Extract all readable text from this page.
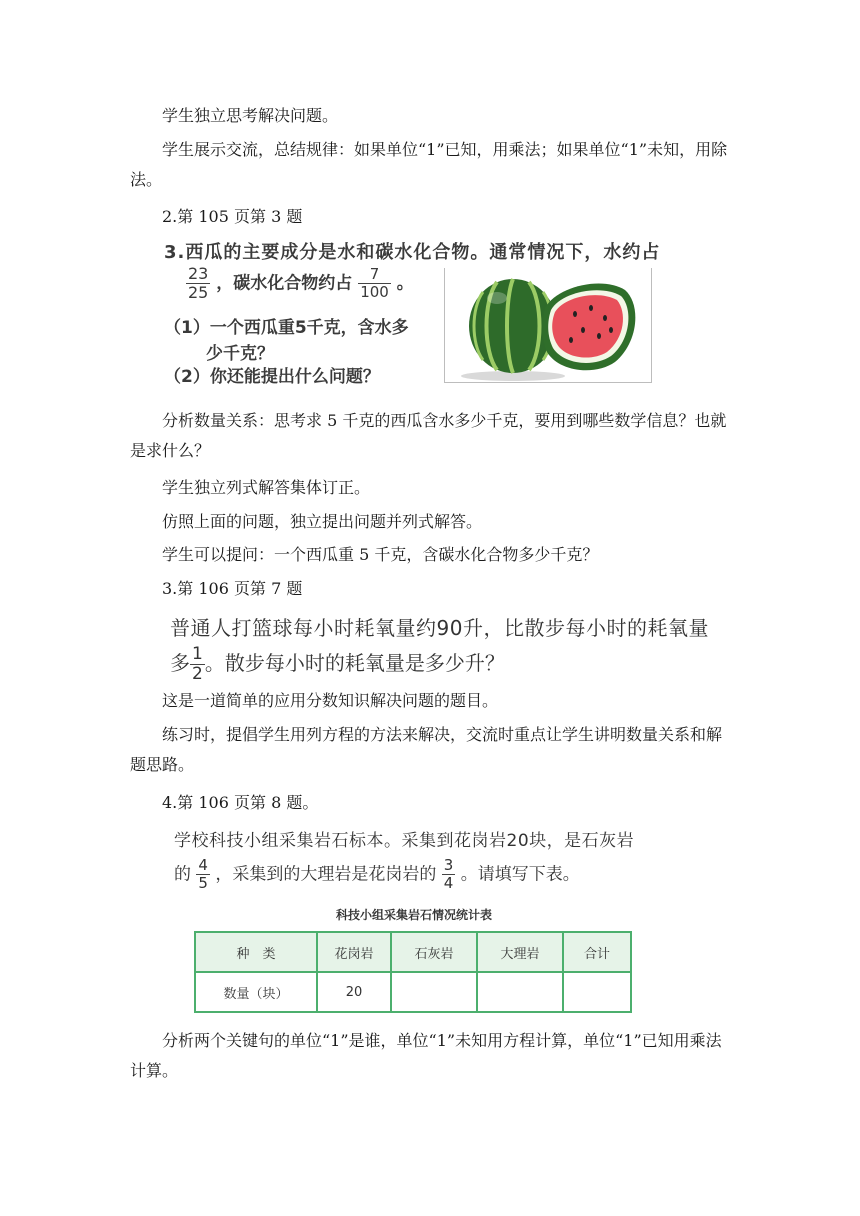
学生独立思考解决问题。

学生展示交流，总结规律：如果单位“1”已知，用乘法；如果单位“1”未知，用除法。

2.第 105 页第 3 题

3.西瓜的主要成分是水和碳水化合物。通常情况下，水约占
$\frac{23}{25}$ ，碳水化合物约占 $\frac{7}{100}$ 。
（1）一个西瓜重5千克，含水多
少千克？
（2）你还能提出什么问题？

分析数量关系：思考求 5 千克的西瓜含水多少千克，要用到哪些数学信息？也就是求什么？

学生独立列式解答集体订正。

仿照上面的问题，独立提出问题并列式解答。

学生可以提问：一个西瓜重 5 千克，含碳水化合物多少千克？

3.第 106 页第 7 题

普通人打篮球每小时耗氧量约90升，比散步每小时的耗氧量
多 $\frac{1}{2}$ 。散步每小时的耗氧量是多少升？

这是一道简单的应用分数知识解决问题的题目。

练习时，提倡学生用列方程的方法来解决，交流时重点让学生讲明数量关系和解题思路。

4.第 106 页第 8 题。

学校科技小组采集岩石标本。采集到花岗岩20块，是石灰岩
的 $\frac{4}{5}$ ，采集到的大理岩是花岗岩的 $\frac{3}{4}$ 。请填写下表。
科技小组采集岩石情况统计表
种　类	花岗岩	石灰岩	大理岩	合计
数量（块）	20			

分析两个关键句的单位“1”是谁，单位“1”未知用方程计算，单位“1”已知用乘法计算。
